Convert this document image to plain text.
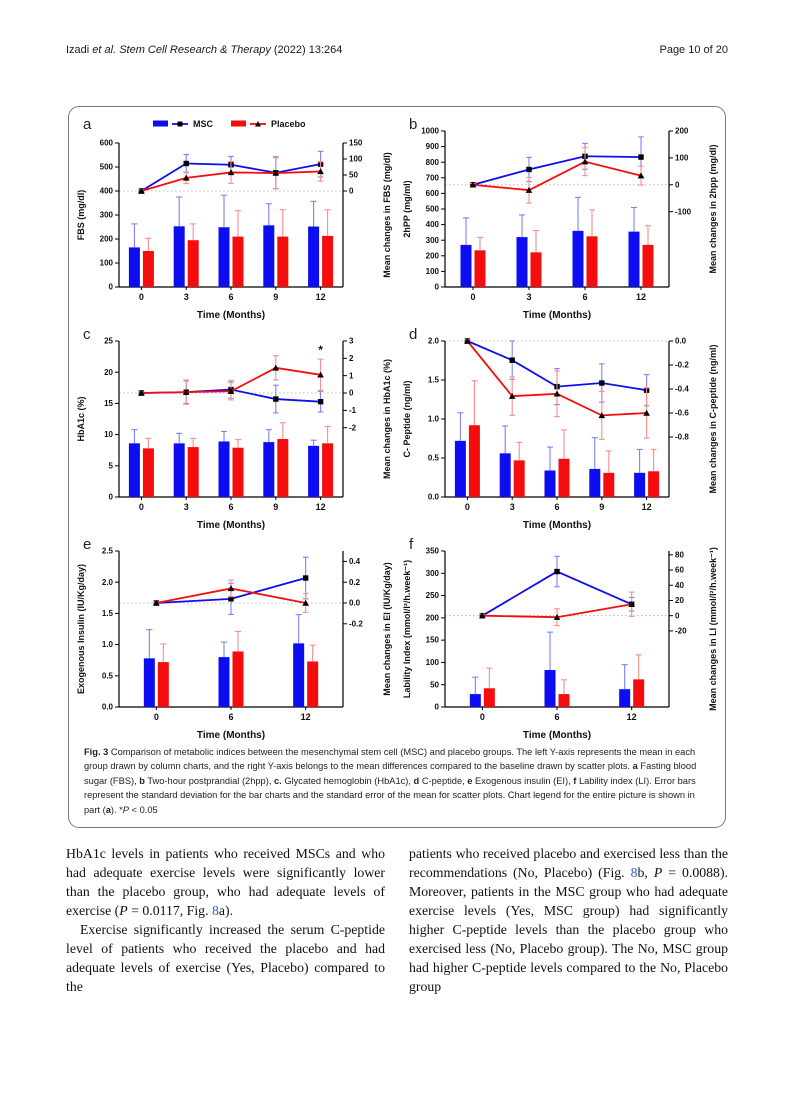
Izadi et al. Stem Cell Research & Therapy (2022) 13:264	Page 10 of 20
a
0
100
200
300
400
500
600	150
100
50
0
0	3	6	9	12
Time (Months)
FBS (mg/dl)	Mean changes in FBS (mg/dl)
MSC	Placebo	b
0
100
200
300
400
500
600
700
800
900
1000	200
100
0
-100
0	3	6	12
Time (Months)
2hPP (mg/ml)	Mean changes in 2hpp (mg/dl)
c
0
5
10
15
20
25	3
2
1
0
-1
-2
0	3	6	9	12
Time (Months)
HbA1c (%)	Mean changes in HbA1c (%)
*
d
0.0
0.5
1.0
1.5
2.0	0.0
-0.2
-0.4
-0.6
-0.8
0	3	6	9	12
Time (Months)
C- Peptide (ng/ml)	Mean changes in C-peptide (ng/ml)
e
0.0
0.5
1.0
1.5
2.0
2.5
0.4
0.2
0.0
-0.2
0	6	12
Time (Months)
Exogenous Insulin (IU/Kg/day)	Mean changes in EI (IU/Kg/day)
f
0
50
100
150
200
250
300
350	80
60
40
20
0
-20
0	6	12
Time (Months)
Lability Index (mmol/l²/h.week⁻¹)	Mean changes in LI (mmol/l²/h.week⁻¹)
Fig. 3 Comparison of metabolic indices between the mesenchymal stem cell (MSC) and placebo groups. The left Y-axis represents the mean in each group drawn by column charts, and the right Y-axis belongs to the mean differences compared to the baseline drawn by scatter plots. a Fasting blood sugar (FBS), b Two-hour postprandial (2hpp), c. Glycated hemoglobin (HbA1c), d C-peptide, e Exogenous insulin (EI), f Lability index (LI). Error bars represent the standard deviation for the bar charts and the standard error of the mean for scatter plots. Chart legend for the entire picture is shown in part (a). *P < 0.05

HbA1c levels in patients who received MSCs and who had adequate exercise levels were significantly lower than the placebo group, who had adequate levels of exercise (P = 0.0117, Fig. 8a).

Exercise significantly increased the serum C-peptide level of patients who received the placebo and had adequate levels of exercise (Yes, Placebo) compared to the

patients who received placebo and exercised less than the recommendations (No, Placebo) (Fig. 8b, P = 0.0088). Moreover, patients in the MSC group who had adequate exercise levels (Yes, MSC group) had significantly higher C-peptide levels than the placebo group who exercised less (No, Placebo group). The No, MSC group had higher C-peptide levels compared to the No, Placebo group
